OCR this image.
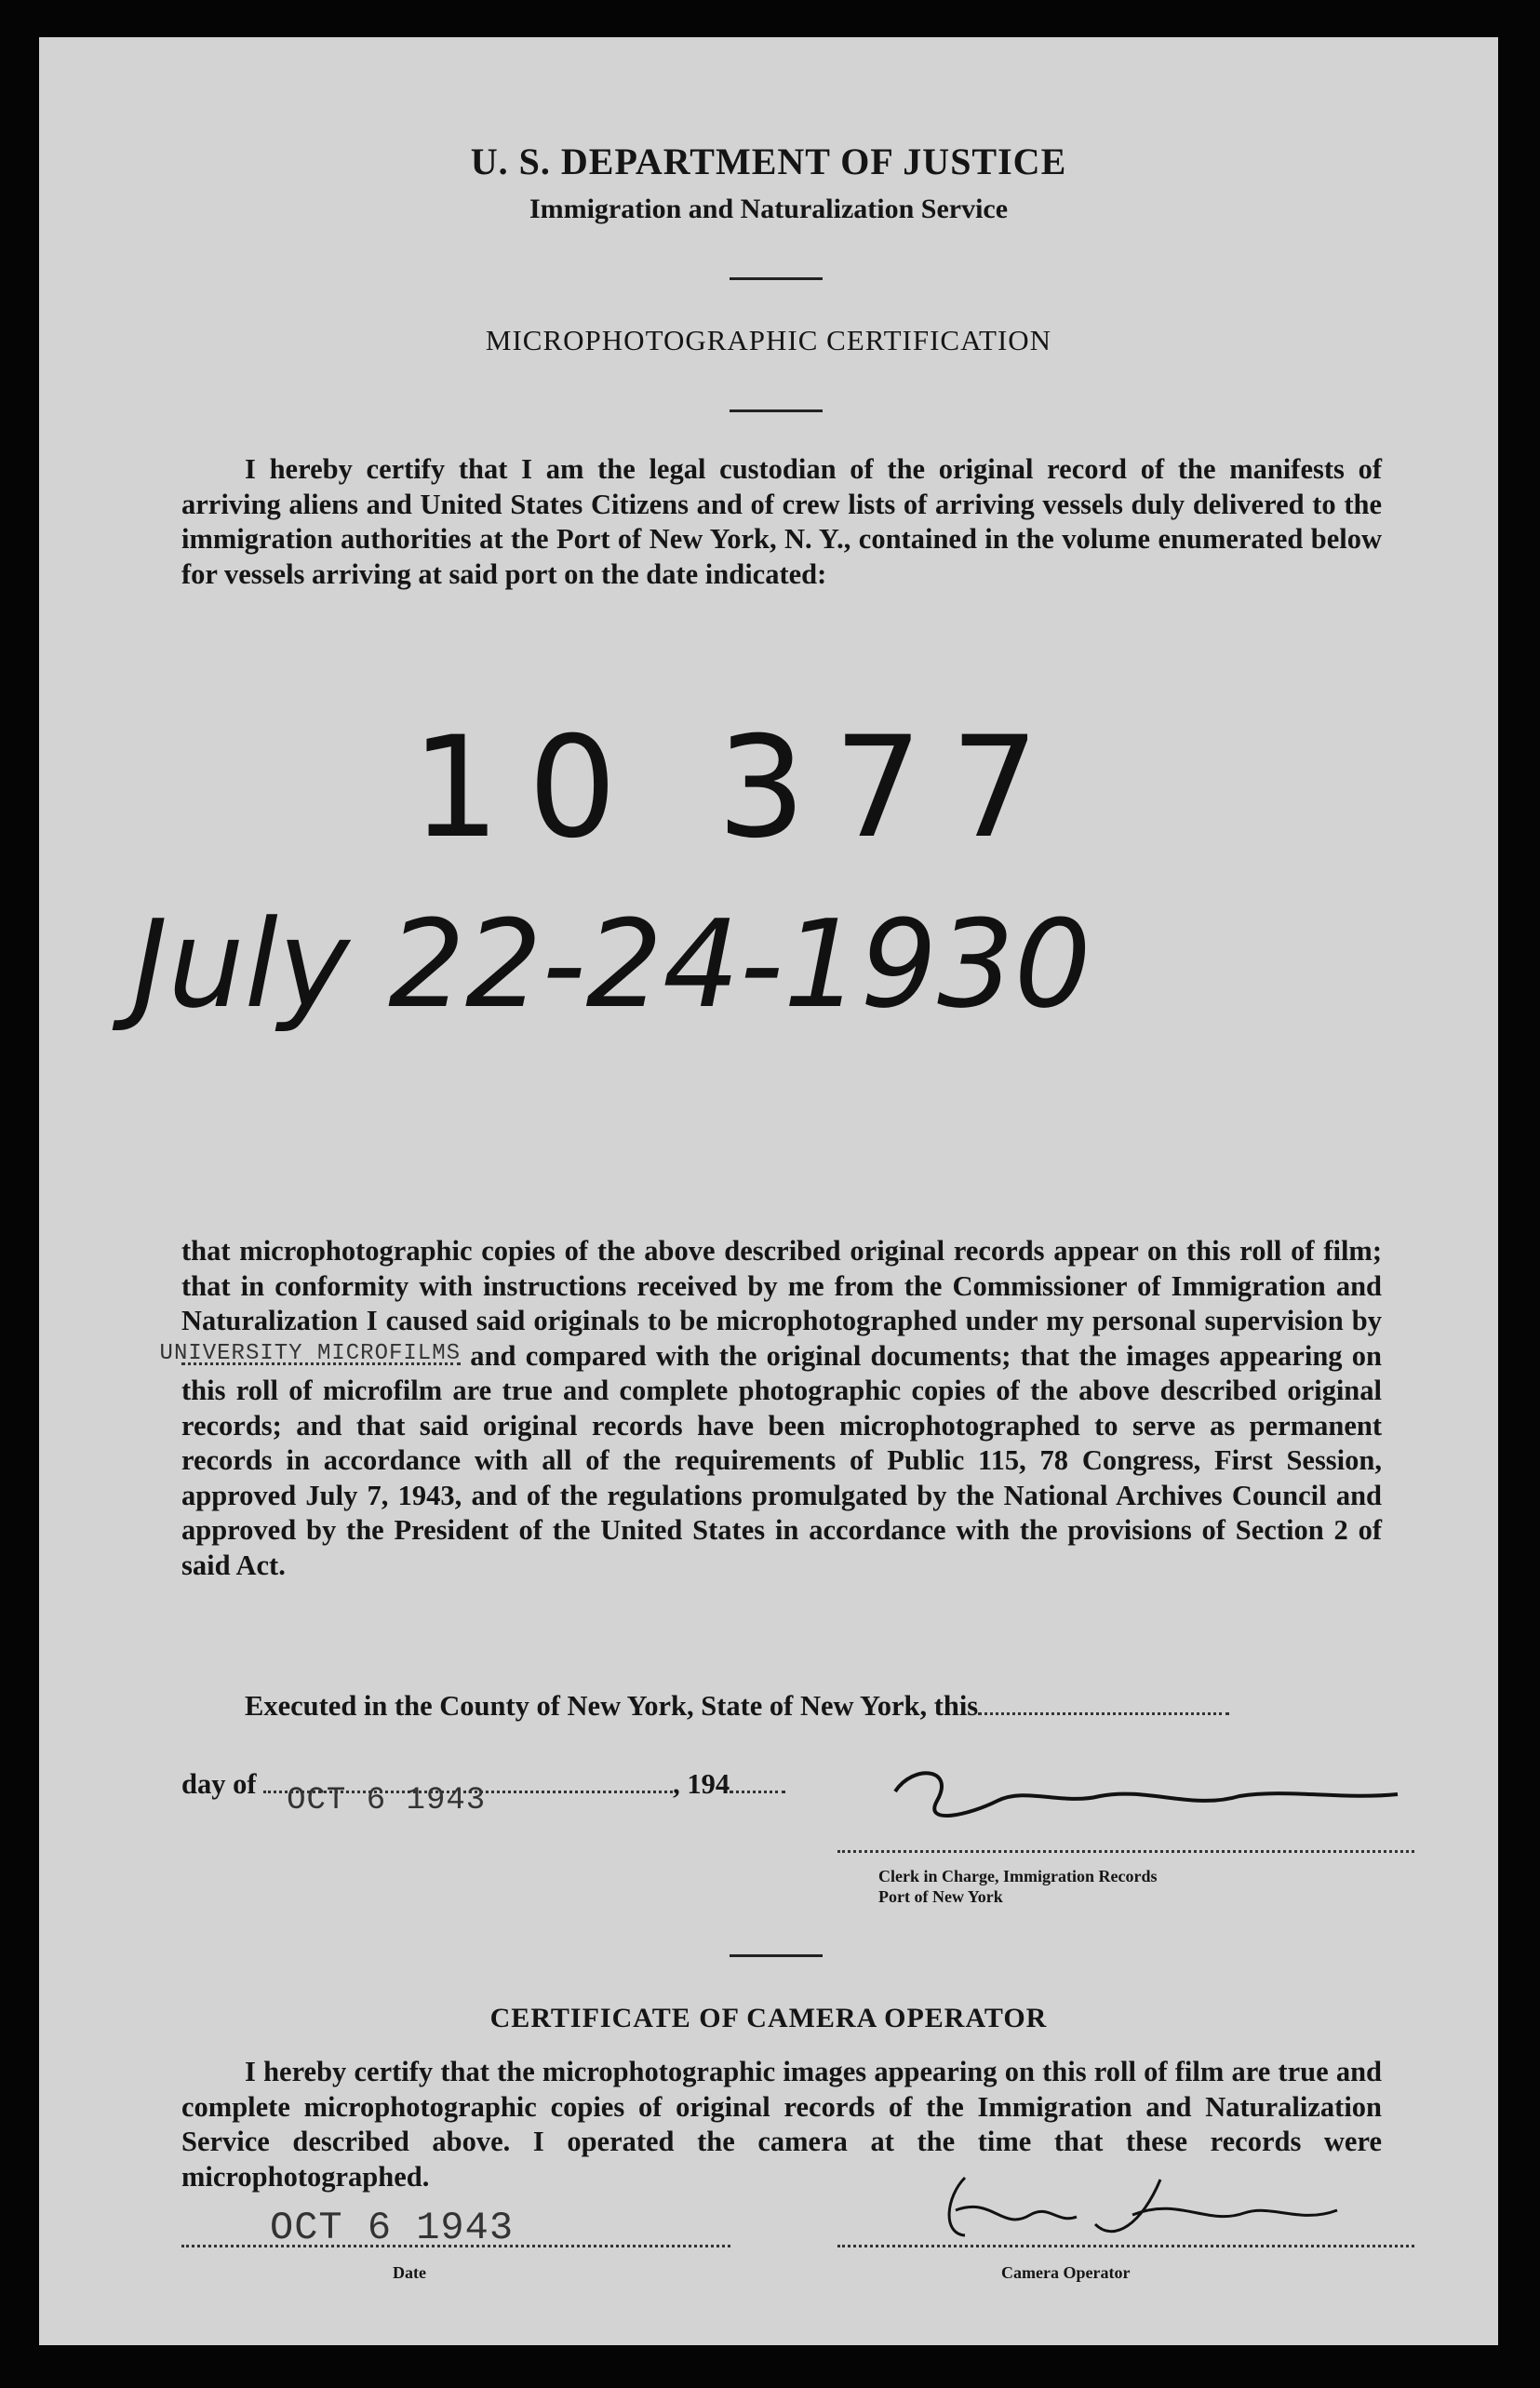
U. S. DEPARTMENT OF JUSTICE
Immigration and Naturalization Service
MICROPHOTOGRAPHIC CERTIFICATION
I hereby certify that I am the legal custodian of the original record of the manifests of arriving aliens and United States Citizens and of crew lists of arriving vessels duly delivered to the immigration authorities at the Port of New York, N. Y., contained in the volume enumerated below for vessels arriving at said port on the date indicated:
10 377
July 22-24-1930
that microphotographic copies of the above described original records appear on this roll of film; that in conformity with instructions received by me from the Commissioner of Immigration and Naturalization I caused said originals to be microphotographed under my personal supervision by
UNIVERSITY MICROFILMS and compared with the original documents; that the images appearing on this roll of microfilm are true and complete photographic copies of the above described original records; and that said original records have been microphotographed to serve as permanent records in accordance with all of the requirements of Public 115, 78 Congress, First Session, approved July 7, 1943, and of the regulations promulgated by the National Archives Council and approved by the President of the United States in accordance with the provisions of Section 2 of said Act.
Executed in the County of New York, State of New York, this
day of OCT 6 1943	, 194
Clerk in Charge, Immigration Records
Port of New York
CERTIFICATE OF CAMERA OPERATOR
I hereby certify that the microphotographic images appearing on this roll of film are true and complete microphotographic copies of original records of the Immigration and Naturalization Service described above. I operated the camera at the time that these records were microphotographed.
OCT 6 1943
Date	Camera Operator
